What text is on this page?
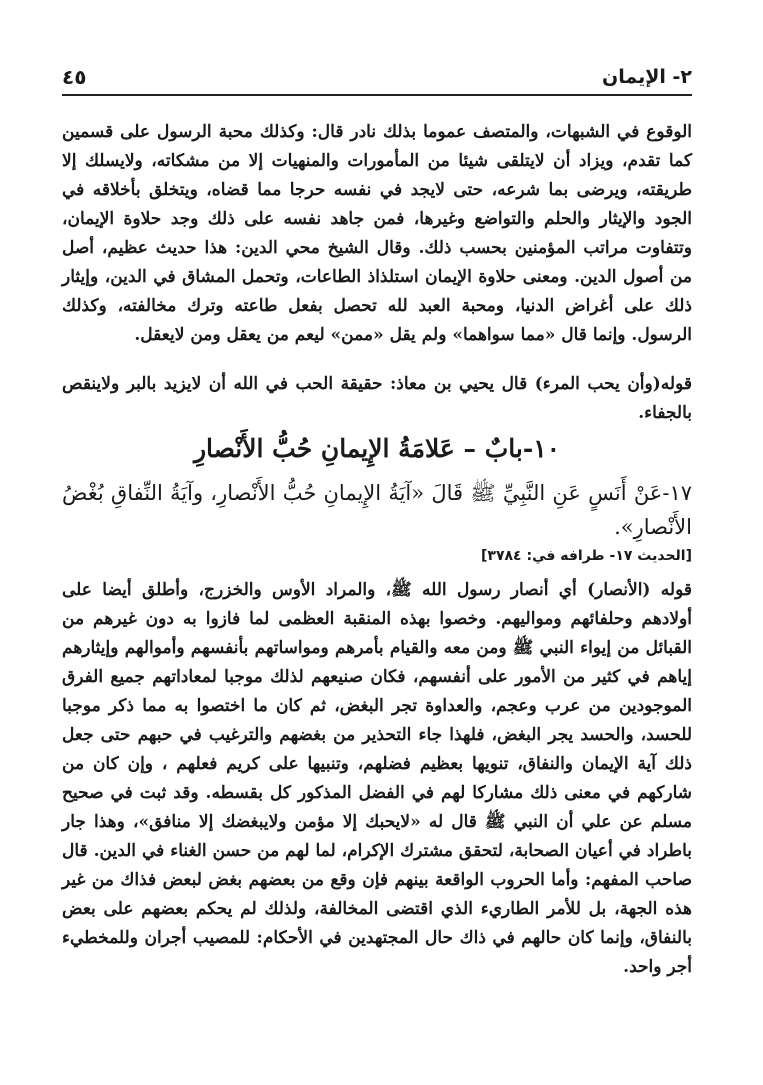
٢- الإيمان
٤٥

الوقوع في الشبهات، والمتصف عموما بذلك نادر قال: وكذلك محبة الرسول على قسمين كما تقدم، ويزاد أن لايتلقى شيئا من المأمورات والمنهيات إلا من مشكاته، ولايسلك إلا طريقته، ويرضى بما شرعه، حتى لايجد في نفسه حرجا مما قضاه، ويتخلق بأخلاقه في الجود والإيثار والحلم والتواضع وغيرها، فمن جاهد نفسه على ذلك وجد حلاوة الإيمان، وتتفاوت مراتب المؤمنين بحسب ذلك. وقال الشيخ محي الدين: هذا حديث عظيم، أصل من أصول الدين. ومعنى حلاوة الإيمان استلذاذ الطاعات، وتحمل المشاق في الدين، وإيثار ذلك على أغراض الدنيا، ومحبة العبد لله تحصل بفعل طاعته وترك مخالفته، وكذلك الرسول. وإنما قال «مما سواهما» ولم يقل «ممن» ليعم من يعقل ومن لايعقل.

قوله(وأن يحب المرء) قال يحيي بن معاذ: حقيقة الحب في الله أن لايزيد بالبر ولاينقص بالجفاء.

١٠-بابٌ – عَلامَةُ الإِيمانِ حُبُّ الأَنْصارِ

١٧-عَنْ أَنَسٍ عَنِ النَّبِيِّ ﷺ قَالَ «آيَةُ الإِيمانِ حُبُّ الأَنْصارِ، وآيَةُ النِّفاقِ بُغْضُ الأَنْصارِ».

[الحديث ١٧- طرافه في: ٣٧٨٤]

قوله (الأنصار) أي أنصار رسول الله ﷺ، والمراد الأوس والخزرج، وأطلق أيضا على أولادهم وحلفائهم ومواليهم. وخصوا بهذه المنقبة العظمى لما فازوا به دون غيرهم من القبائل من إيواء النبي ﷺ ومن معه والقيام بأمرهم ومواساتهم بأنفسهم وأموالهم وإيثارهم إياهم في كثير من الأمور على أنفسهم، فكان صنيعهم لذلك موجبا لمعاداتهم جميع الفرق الموجودين من عرب وعجم، والعداوة تجر البغض، ثم كان ما اختصوا به مما ذكر موجبا للحسد، والحسد يجر البغض، فلهذا جاء التحذير من بغضهم والترغيب في حبهم حتى جعل ذلك آية الإيمان والنفاق، تنويها بعظيم فضلهم، وتنبيها على كريم فعلهم ، وإن كان من شاركهم في معنى ذلك مشاركا لهم في الفضل المذكور كل بقسطه. وقد ثبت في صحيح مسلم عن علي أن النبي ﷺ قال له «لايحبك إلا مؤمن ولايبغضك إلا منافق»، وهذا جار باطراد في أعيان الصحابة، لتحقق مشترك الإكرام، لما لهم من حسن الغناء في الدين. قال صاحب المفهم: وأما الحروب الواقعة بينهم فإن وقع من بعضهم بغض لبعض فذاك من غير هذه الجهة، بل للأمر الطاريء الذي اقتضى المخالفة، ولذلك لم يحكم بعضهم على بعض بالنفاق، وإنما كان حالهم في ذاك حال المجتهدين في الأحكام: للمصيب أجران وللمخطيء أجر واحد.
